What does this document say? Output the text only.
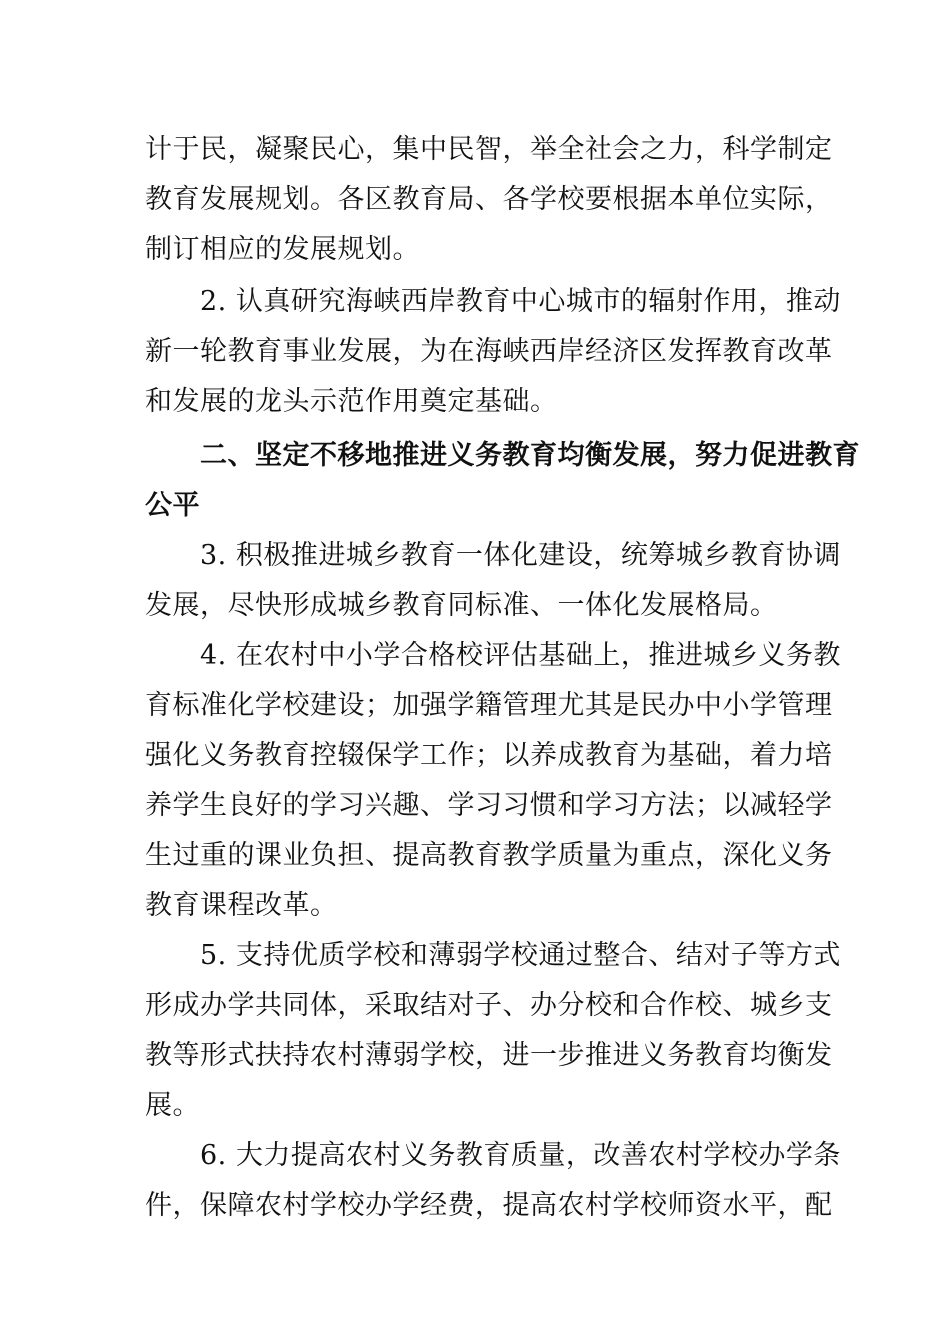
计于民，凝聚民心，集中民智，举全社会之力，科学制定
教育发展规划。各区教育局、各学校要根据本单位实际，
制订相应的发展规划。
　　2. 认真研究海峡西岸教育中心城市的辐射作用，推动
新一轮教育事业发展，为在海峡西岸经济区发挥教育改革
和发展的龙头示范作用奠定基础。
　　二、坚定不移地推进义务教育均衡发展，努力促进教育
公平
　　3. 积极推进城乡教育一体化建设，统筹城乡教育协调
发展，尽快形成城乡教育同标准、一体化发展格局。
　　4. 在农村中小学合格校评估基础上，推进城乡义务教
育标准化学校建设；加强学籍管理尤其是民办中小学管理
强化义务教育控辍保学工作；以养成教育为基础，着力培
养学生良好的学习兴趣、学习习惯和学习方法；以减轻学
生过重的课业负担、提高教育教学质量为重点，深化义务
教育课程改革。
　　5. 支持优质学校和薄弱学校通过整合、结对子等方式
形成办学共同体，采取结对子、办分校和合作校、城乡支
教等形式扶持农村薄弱学校，进一步推进义务教育均衡发
展。
　　6. 大力提高农村义务教育质量，改善农村学校办学条
件，保障农村学校办学经费，提高农村学校师资水平，配
